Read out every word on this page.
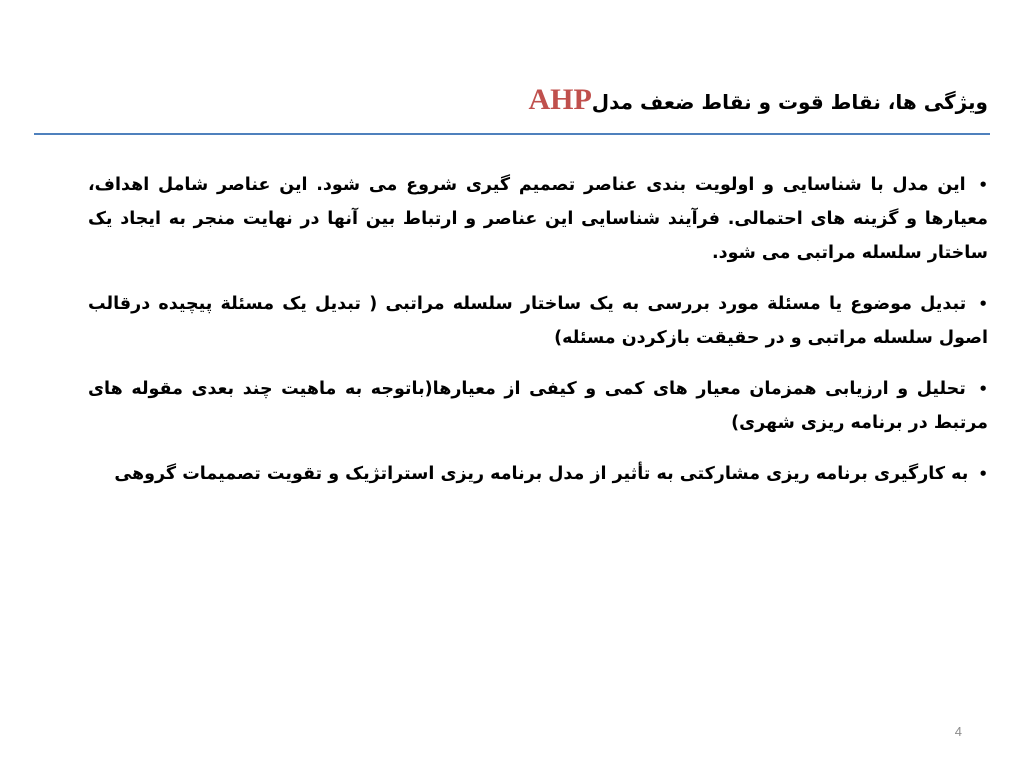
ویژگی ها، نقاط قوت و نقاط ضعف مدلAHP

• این مدل با شناسایی و اولویت بندی عناصر تصمیم گیری شروع می شود. این عناصر شامل اهداف، معیارها و گزینه های احتمالی. فرآیند شناسایی این عناصر و ارتباط بین آنها در نهایت منجر به ایجاد یک ساختار سلسله مراتبی می شود.

• تبدیل موضوع یا مسئلة مورد بررسی به یک ساختار سلسله مراتبی ( تبدیل یک مسئلة پیچیده درقالب اصول سلسله مراتبی و در حقیقت بازکردن مسئله)

• تحلیل و ارزیابی همزمان معیار های کمی و کیفی از معیارها(باتوجه به ماهیت چند بعدی مقوله های مرتبط در برنامه ریزی شهری)

• به کارگیری برنامه ریزی مشارکتی به تأثیر از مدل برنامه ریزی استراتژیک و تقویت تصمیمات گروهی

4
